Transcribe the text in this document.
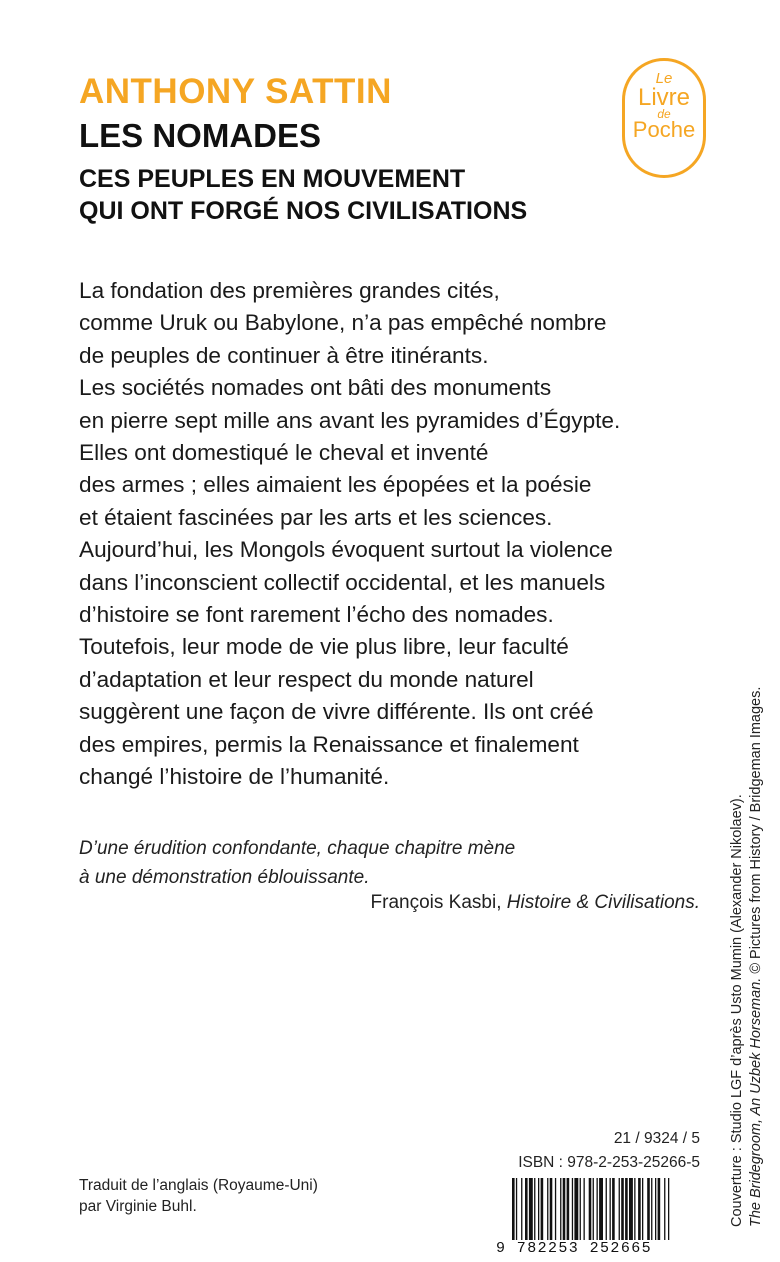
ANTHONY SATTIN
LES NOMADES
CES PEUPLES EN MOUVEMENT
QUI ONT FORGÉ NOS CIVILISATIONS
Le
Livre
de
Poche
La fondation des premières grandes cités,
comme Uruk ou Babylone, n’a pas empêché nombre
de peuples de continuer à être itinérants.
Les sociétés nomades ont bâti des monuments
en pierre sept mille ans avant les pyramides d’Égypte.
Elles ont domestiqué le cheval et inventé
des armes ; elles aimaient les épopées et la poésie
et étaient fascinées par les arts et les sciences.
Aujourd’hui, les Mongols évoquent surtout la violence
dans l’inconscient collectif occidental, et les manuels
d’histoire se font rarement l’écho des nomades.
Toutefois, leur mode de vie plus libre, leur faculté
d’adaptation et leur respect du monde naturel
suggèrent une façon de vivre différente. Ils ont créé
des empires, permis la Renaissance et finalement
changé l’histoire de l’humanité.
D’une érudition confondante, chaque chapitre mène
à une démonstration éblouissante.
François Kasbi, Histoire & Civilisations. Couverture : Studio LGF d’après Usto Mumin (Alexander Nikolaev). The Bridegroom, An Uzbek Horseman. © Pictures from History / Bridgeman Images.
21 / 9324 / 5
ISBN : 978-2-253-25266-5
Traduit de l’anglais (Royaume-Uni)
par Virginie Buhl.
9 782253 252665
